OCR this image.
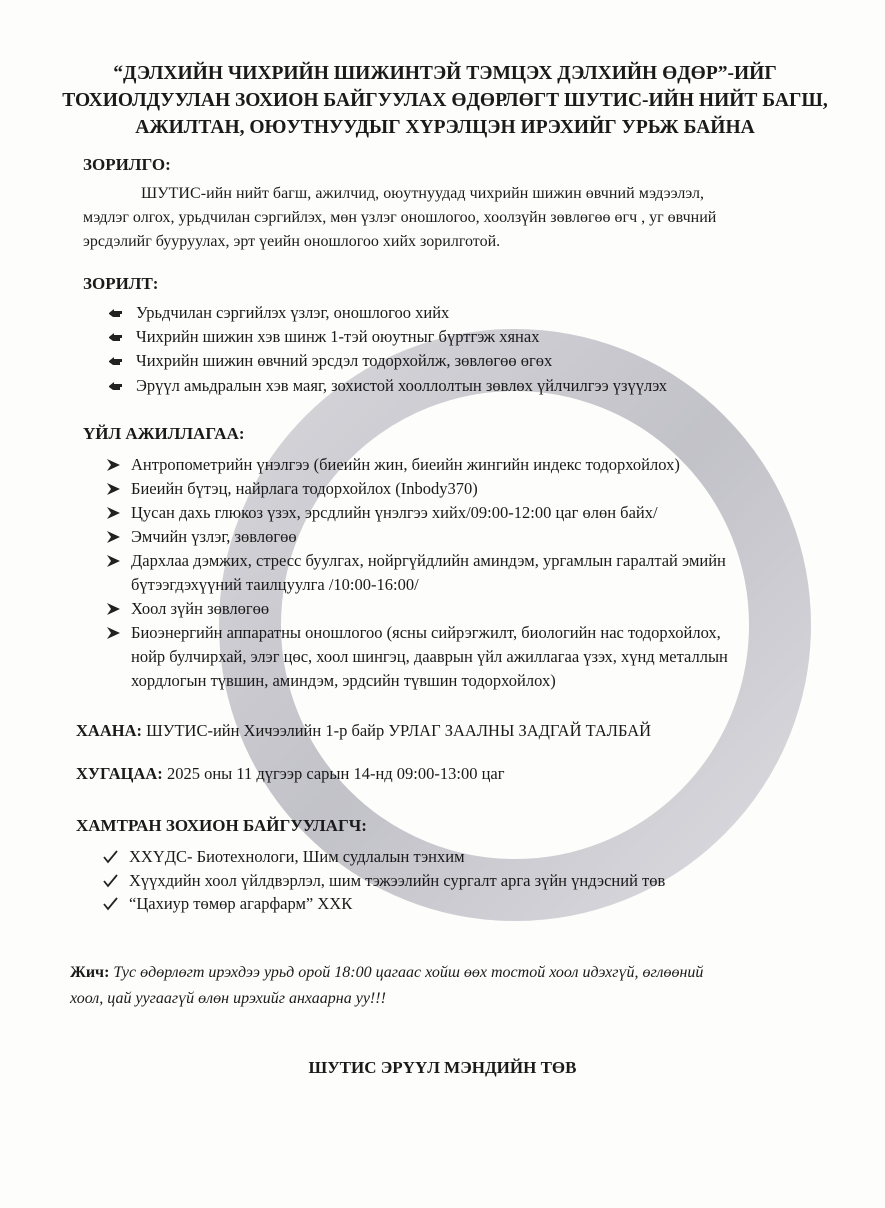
“ДЭЛХИЙН ЧИХРИЙН ШИЖИНТЭЙ ТЭМЦЭХ ДЭЛХИЙН ӨДӨР”-ИЙГ
ТОХИОЛДУУЛАН ЗОХИОН БАЙГУУЛАХ ӨДӨРЛӨГТ ШУТИС-ИЙН НИЙТ БАГШ,
АЖИЛТАН, ОЮУТНУУДЫГ ХҮРЭЛЦЭН ИРЭХИЙГ УРЬЖ БАЙНА
ЗОРИЛГО:
ШУТИС-ийн нийт багш, ажилчид, оюутнуудад чихрийн шижин өвчний мэдээлэл,
мэдлэг олгох, урьдчилан сэргийлэх, мөн үзлэг оношлогоо, хоолзүйн зөвлөгөө өгч , уг өвчний
эрсдэлийг бууруулах, эрт үеийн оношлогоо хийх зорилготой.
ЗОРИЛТ:
Урьдчилан сэргийлэх үзлэг, оношлогоо хийх
Чихрийн шижин хэв шинж 1-тэй оюутныг бүртгэж хянах
Чихрийн шижин өвчний эрсдэл тодорхойлж, зөвлөгөө өгөх
Эрүүл амьдралын хэв маяг, зохистой хооллолтын зөвлөх үйлчилгээ үзүүлэх
ҮЙЛ АЖИЛЛАГАА:
Антропометрийн үнэлгээ (биеийн жин, биеийн жингийн индекс тодорхойлох)
Биеийн бүтэц, найрлага тодорхойлох (Inbody370)
Цусан дахь глюкоз үзэх, эрсдлийн үнэлгээ хийх/09:00-12:00 цаг өлөн байх/
Эмчийн үзлэг, зөвлөгөө
Дархлаа дэмжих, стресс буулгах, нойргүйдлийн аминдэм, ургамлын гаралтай эмийн
бүтээгдэхүүний таилцуулга /10:00-16:00/
Хоол зүйн зөвлөгөө
Биоэнергийн аппаратны оношлогоо (ясны сийрэгжилт, биологийн нас тодорхойлох,
нойр булчирхай, элэг цөс, хоол шингэц, дааврын үйл ажиллагаа үзэх, хүнд металлын
хордлогын түвшин, аминдэм, эрдсийн түвшин тодорхойлох)
ХААНА: ШУТИС-ийн Хичээлийн 1-р байр УРЛАГ ЗААЛНЫ ЗАДГАЙ ТАЛБАЙ
ХУГАЦАА: 2025 оны 11 дүгээр сарын 14-нд 09:00-13:00 цаг
ХАМТРАН ЗОХИОН БАЙГУУЛАГЧ:
ХХҮДС- Биотехнологи, Шим судлалын тэнхим
Хүүхдийн хоол үйлдвэрлэл, шим тэжээлийн сургалт арга зүйн үндэсний төв
“Цахиур төмөр агарфарм” ХХК
Жич: Тус өдөрлөгт ирэхдээ урьд орой 18:00 цагаас хойш өөх тостой хоол идэхгүй, өглөөний
хоол, цай уугаагүй өлөн ирэхийг анхаарна уу!!!
ШУТИС ЭРҮҮЛ МЭНДИЙН ТӨВ
